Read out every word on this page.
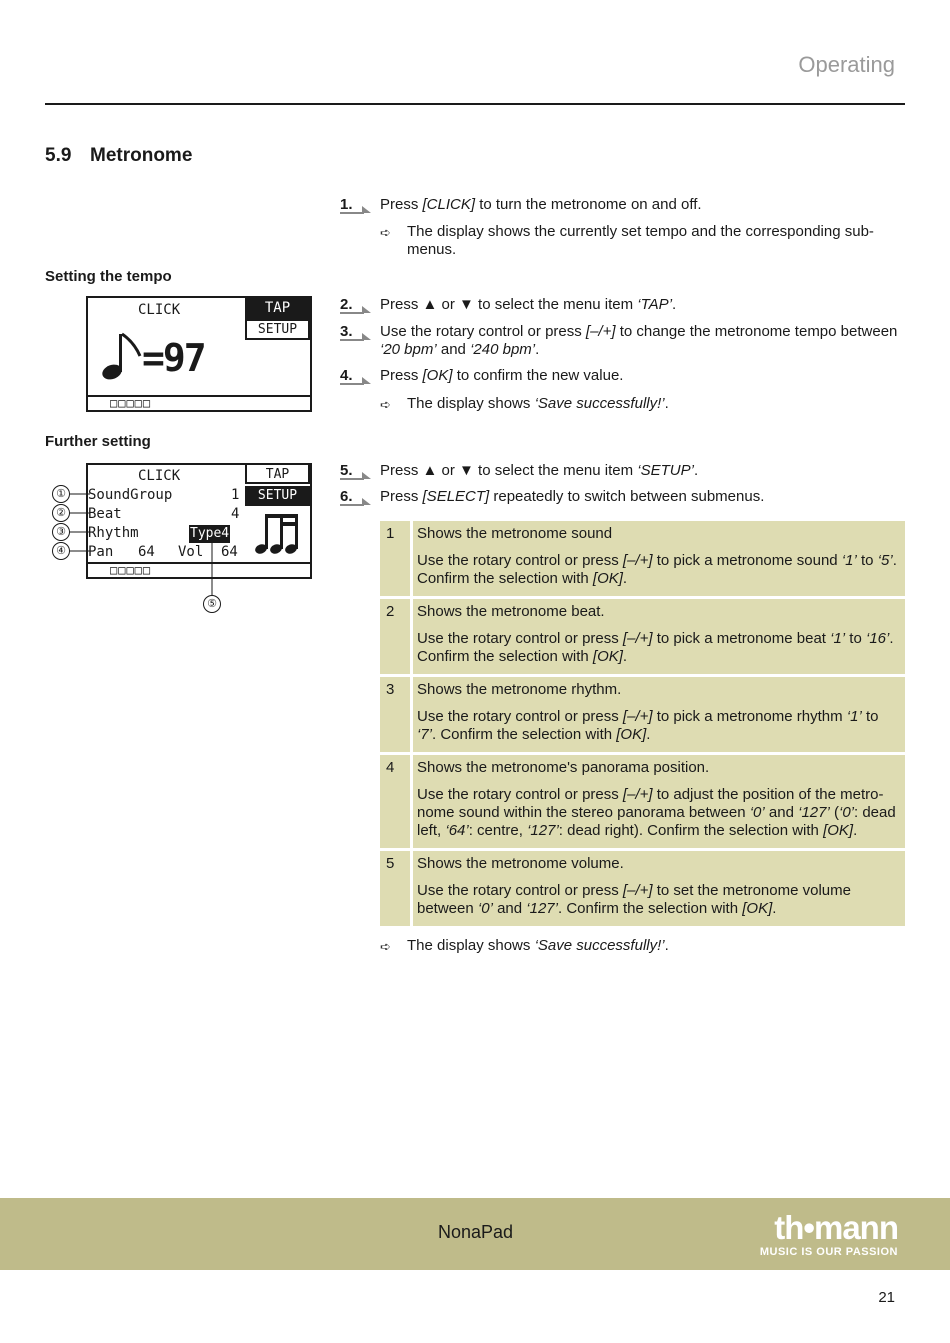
Operating
5.9 Metronome
1. Press [CLICK] to turn the metronome on and off.
➪ The display shows the currently set tempo and the corresponding sub-menus.
Setting the tempo
CLICK	TAP
SETUP
=97
□□□□□
2. Press ▲ or ▼ to select the menu item ‘TAP’.
3. Use the rotary control or press [–/+] to change the metronome tempo between ‘20 bpm’ and ‘240 bpm’.
4. Press [OK] to confirm the new value.
➪ The display shows ‘Save successfully!’.
Further setting
CLICK	TAP
SETUP
SoundGroup	1
Beat	4
Rhythm	Type4
Pan 64 Vol 64
□□□□□
①
②
③
④
⑤
5. Press ▲ or ▼ to select the menu item ‘SETUP’.
6. Press [SELECT] repeatedly to switch between submenus.
1	Shows the metronome sound

Use the rotary control or press [–/+] to pick a metronome sound ‘1’ to ‘5’. Confirm the selection with [OK].

2	Shows the metronome beat.

Use the rotary control or press [–/+] to pick a metronome beat ‘1’ to ‘16’. Confirm the selection with [OK].

3	Shows the metronome rhythm.

Use the rotary control or press [–/+] to pick a metronome rhythm ‘1’ to ‘7’. Confirm the selection with [OK].

4	Shows the metronome's panorama position.

Use the rotary control or press [–/+] to adjust the position of the metro-nome sound within the stereo panorama between ‘0’ and ‘127’ (‘0’: dead left, ‘64’: centre, ‘127’: dead right). Confirm the selection with [OK].

5	Shows the metronome volume.

Use the rotary control or press [–/+] to set the metronome volume between ‘0’ and ‘127’. Confirm the selection with [OK].

➪ The display shows ‘Save successfully!’.
NonaPad	th•mann
MUSIC IS OUR PASSION
21
